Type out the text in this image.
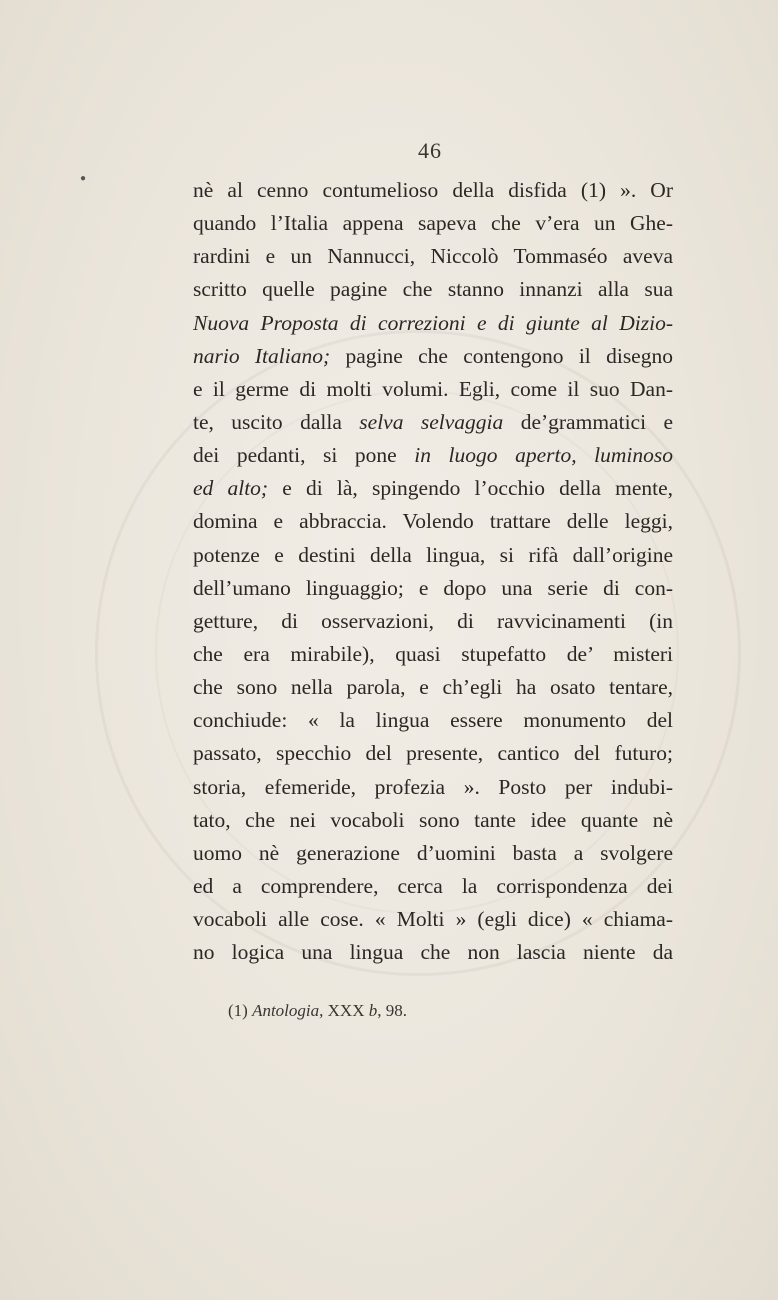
46
●	nè al cenno contumelioso della disfida (1) ». Or
quando l’Italia appena sapeva che v’era un Ghe-
rardini e un Nannucci, Niccolò Tommaséo aveva
scritto quelle pagine che stanno innanzi alla sua
Nuova Proposta di correzioni e di giunte al Dizio-
nario Italiano; pagine che contengono il disegno
e il germe di molti volumi. Egli, come il suo Dan-
te, uscito dalla selva selvaggia de’grammatici e
dei pedanti, si pone in luogo aperto, luminoso
ed alto; e di là, spingendo l’occhio della mente,
domina e abbraccia. Volendo trattare delle leggi,
potenze e destini della lingua, si rifà dall’origine
dell’umano linguaggio; e dopo una serie di con-
getture, di osservazioni, di ravvicinamenti (in
che era mirabile), quasi stupefatto de’ misteri
che sono nella parola, e ch’egli ha osato tentare,
conchiude: « la lingua essere monumento del
passato, specchio del presente, cantico del futuro;
storia, efemeride, profezia ». Posto per indubi-
tato, che nei vocaboli sono tante idee quante nè
uomo nè generazione d’uomini basta a svolgere
ed a comprendere, cerca la corrispondenza dei
vocaboli alle cose. « Molti » (egli dice) « chiama-
no logica una lingua che non lascia niente da
(1) Antologia, XXX b, 98.
